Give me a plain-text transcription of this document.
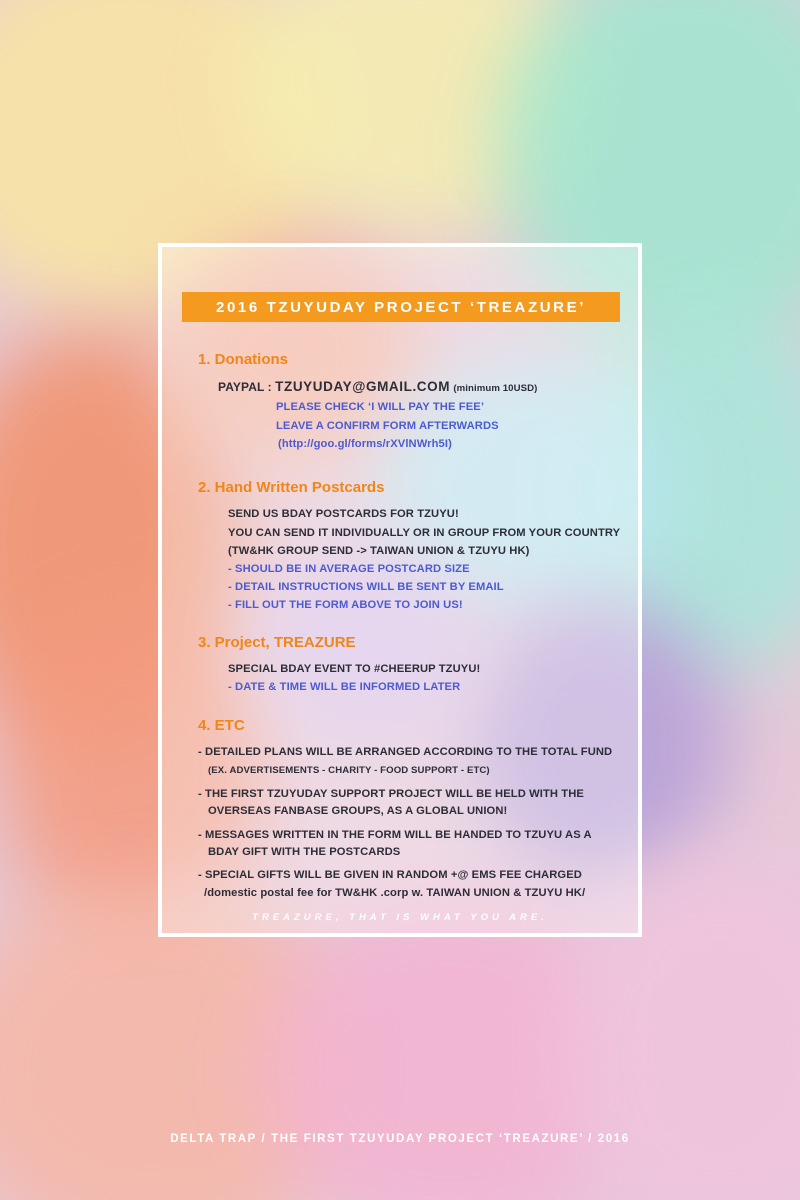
2016 TZUYUDAY PROJECT ‘TREAZURE’
1. Donations
PAYPAL : TZUYUDAY@GMAIL.COM (minimum 10USD)
PLEASE CHECK ‘I WILL PAY THE FEE’
LEAVE A CONFIRM FORM AFTERWARDS
(http://goo.gl/forms/rXVlNWrh5I)
2. Hand Written Postcards
SEND US BDAY POSTCARDS FOR TZUYU!
YOU CAN SEND IT INDIVIDUALLY OR IN GROUP FROM YOUR COUNTRY
(TW&HK GROUP SEND -> TAIWAN UNION & TZUYU HK)
- SHOULD BE IN AVERAGE POSTCARD SIZE
- DETAIL INSTRUCTIONS WILL BE SENT BY EMAIL
- FILL OUT THE FORM ABOVE TO JOIN US!
3. Project, TREAZURE
SPECIAL BDAY EVENT TO #CHEERUP TZUYU!
- DATE & TIME WILL BE INFORMED LATER
4. ETC
- DETAILED PLANS WILL BE ARRANGED ACCORDING TO THE TOTAL FUND
(EX. ADVERTISEMENTS - CHARITY - FOOD SUPPORT - ETC)
- THE FIRST TZUYUDAY SUPPORT PROJECT WILL BE HELD WITH THE
OVERSEAS FANBASE GROUPS, AS A GLOBAL UNION!
- MESSAGES WRITTEN IN THE FORM WILL BE HANDED TO TZUYU AS A
BDAY GIFT WITH THE POSTCARDS
- SPECIAL GIFTS WILL BE GIVEN IN RANDOM +@ EMS FEE CHARGED
/domestic postal fee for TW&HK .corp w. TAIWAN UNION & TZUYU HK/
TREAZURE, THAT IS WHAT YOU ARE.
DELTA TRAP / THE FIRST TZUYUDAY PROJECT ‘TREAZURE’ / 2016
